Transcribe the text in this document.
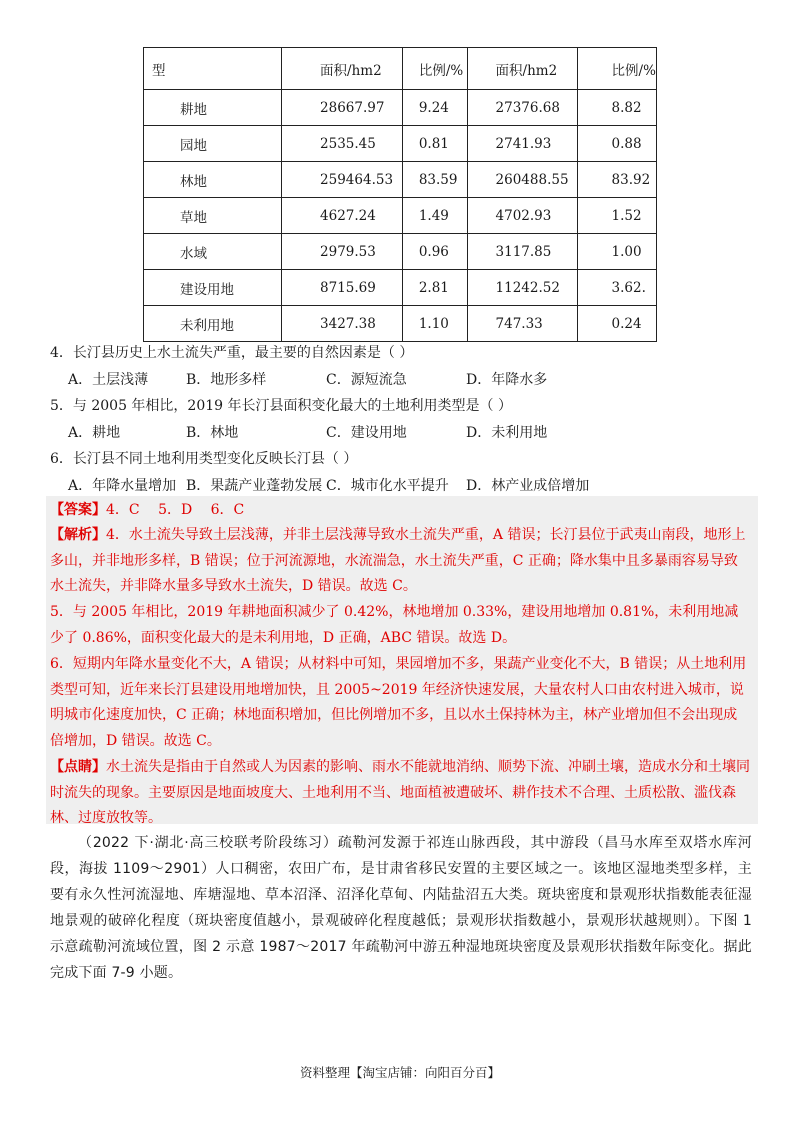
型	面积/hm2	比例/%	面积/hm2	比例/%
耕地	28667.97	9.24	27376.68	8.82
园地	2535.45	0.81	2741.93	0.88
林地	259464.53	83.59	260488.55	83.92
草地	4627.24	1.49	4702.93	1.52
水域	2979.53	0.96	3117.85	1.00
建设用地	8715.69	2.81	11242.52	3.62.
未利用地	3427.38	1.10	747.33	0.24
4．长汀县历史上水土流失严重，最主要的自然因素是（ ）
A．土层浅薄	B．地形多样	C．源短流急	D．年降水多
5．与 2005 年相比，2019 年长汀县面积变化最大的土地利用类型是（ ）
A．耕地	B．林地	C．建设用地	D．未利用地
6．长汀县不同土地利用类型变化反映长汀县（ ）
A．年降水量增加 B．果蔬产业蓬勃发展 C．城市化水平提升 D．林产业成倍增加
【答案】4．C　 5．D　 6．C
【解析】4．水土流失导致土层浅薄，并非土层浅薄导致水土流失严重，A 错误；长汀县位于武夷山南段，地形上多山，并非地形多样，B 错误；位于河流源地，水流湍急，水土流失严重，C 正确；降水集中且多暴雨容易导致水土流失，并非降水量多导致水土流失，D 错误。故选 C。
5．与 2005 年相比，2019 年耕地面积减少了 0.42%，林地增加 0.33%，建设用地增加 0.81%，未利用地减少了 0.86%，面积变化最大的是未利用地，D 正确，ABC 错误。故选 D。
6．短期内年降水量变化不大，A 错误；从材料中可知，果园增加不多，果蔬产业变化不大，B 错误；从土地利用类型可知，近年来长汀县建设用地增加快，且 2005~2019 年经济快速发展，大量农村人口由农村进入城市，说明城市化速度加快，C 正确；林地面积增加，但比例增加不多，且以水土保持林为主，林产业增加但不会出现成倍增加，D 错误。故选 C。
【点睛】水土流失是指由于自然或人为因素的影响、雨水不能就地消纳、顺势下流、冲刷土壤，造成水分和土壤同时流失的现象。主要原因是地面坡度大、土地利用不当、地面植被遭破坏、耕作技术不合理、土质松散、滥伐森林、过度放牧等。
（2022 下·湖北·高三校联考阶段练习）疏勒河发源于祁连山脉西段，其中游段（昌马水库至双塔水库河段，海拔 1109～2901）人口稠密，农田广布，是甘肃省移民安置的主要区域之一。该地区湿地类型多样，主要有永久性河流湿地、库塘湿地、草本沼泽、沼泽化草甸、内陆盐沼五大类。斑块密度和景观形状指数能表征湿地景观的破碎化程度（斑块密度值越小，景观破碎化程度越低；景观形状指数越小，景观形状越规则）。下图 1 示意疏勒河流域位置，图 2 示意 1987～2017 年疏勒河中游五种湿地斑块密度及景观形状指数年际变化。据此完成下面 7-9 小题。
资料整理【淘宝店铺：向阳百分百】
